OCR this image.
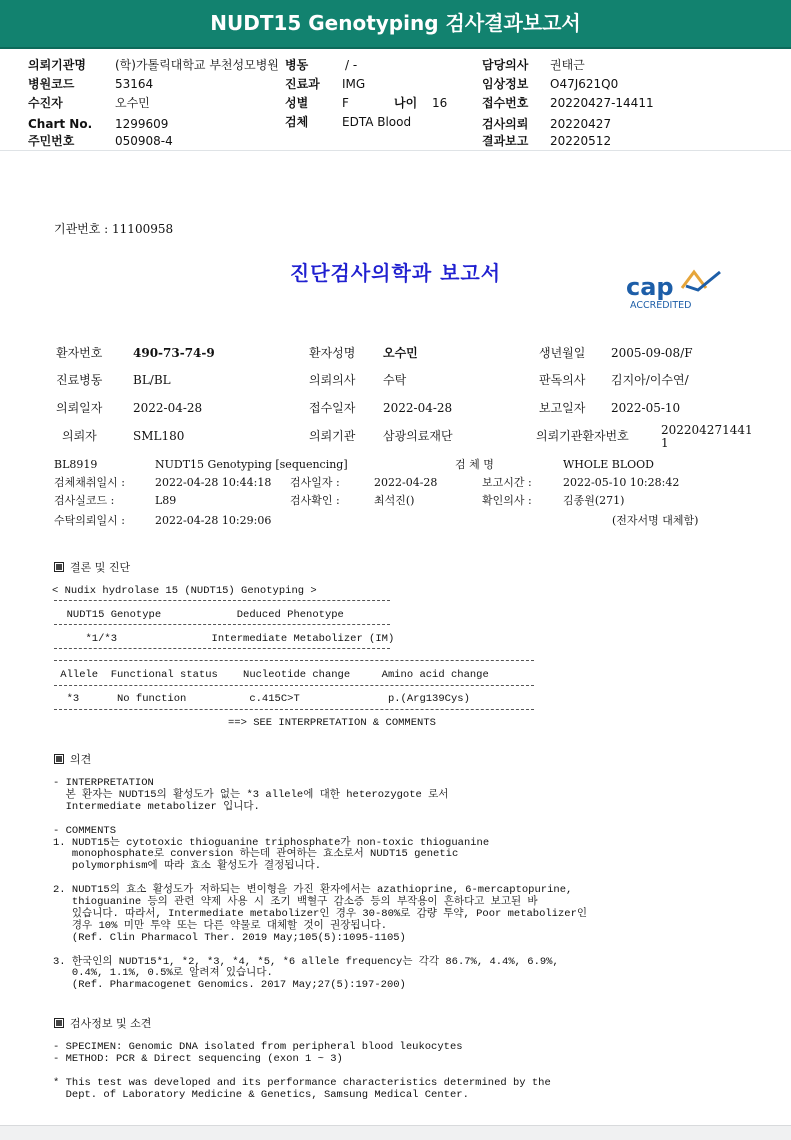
NUDT15 Genotyping 검사결과보고서
의뢰기관명 (학)가톨릭대학교 부천성모병원 병동	/ -	담당의사 권태근
병원코드	53164	진료과 IMG	임상정보 O47J621Q0
수진자	오수민	성별	F	나이 16	접수번호 20220427-14411
Chart No. 1299609	검체	EDTA Blood	검사의뢰 20220427
주민번호	050908-4	결과보고 20220512
기관번호 : 11100958
진단검사의학과 보고서	cap
ACCREDITED
환자번호	490-73-74-9	환자성명 오수민	생년월일 2005-09-08/F
진료병동	BL/BL	의뢰의사 수탁	판독의사 김지아/이수연/
의뢰일자	2022-04-28	접수일자 2022-04-28	보고일자 2022-05-10
의뢰자	SML180	의뢰기관 삼광의료재단	의뢰기관환자번호	202204271441
1
BL8919	NUDT15 Genotyping [sequencing]	검 체 명	WHOLE BLOOD
검체채취일시 :	2022-04-28 10:44:18 검사일자 :	2022-04-28	보고시간 :	2022-05-10 10:28:42
검사실코드 :	L89	검사확인 :	최석진()	확인의사 :	김종원(271)
수탁의뢰일시 :	2022-04-28 10:29:06	(전자서명 대체함)
결론 및 진단
< Nudix hydrolase 15 (NUDT15) Genotyping >
NUDT15 Genotype            Deduced Phenotype
*1/*3               Intermediate Metabolizer (IM)
Allele  Functional status    Nucleotide change     Amino acid change
*3      No function          c.415C>T              p.(Arg139Cys)
==> SEE INTERPRETATION & COMMENTS
의견
- INTERPRETATION
본 환자는 NUDT15의 활성도가 없는 *3 allele에 대한 heterozygote 로서
Intermediate metabolizer 입니다.
- COMMENTS
1. NUDT15는 cytotoxic thioguanine triphosphate가 non-toxic thioguanine
monophosphate로 conversion 하는데 관여하는 효소로서 NUDT15 genetic
polymorphism에 따라 효소 활성도가 결정됩니다.
2. NUDT15의 효소 활성도가 저하되는 변이형을 가진 환자에서는 azathioprine, 6-mercaptopurine,
thioguanine 등의 관련 약제 사용 시 조기 백혈구 감소증 등의 부작용이 흔하다고 보고된 바
있습니다. 따라서, Intermediate metabolizer인 경우 30-80%로 감량 투약, Poor metabolizer인
경우 10% 미만 투약 또는 다른 약물로 대체할 것이 권장됩니다.
(Ref. Clin Pharmacol Ther. 2019 May;105(5):1095-1105)
3. 한국인의 NUDT15*1, *2, *3, *4, *5, *6 allele frequency는 각각 86.7%, 4.4%, 6.9%,
0.4%, 1.1%, 0.5%로 알려져 있습니다.
(Ref. Pharmacogenet Genomics. 2017 May;27(5):197-200)
검사정보 및 소견
- SPECIMEN: Genomic DNA isolated from peripheral blood leukocytes
- METHOD: PCR & Direct sequencing (exon 1 ~ 3)
* This test was developed and its performance characteristics determined by the
Dept. of Laboratory Medicine & Genetics, Samsung Medical Center.
